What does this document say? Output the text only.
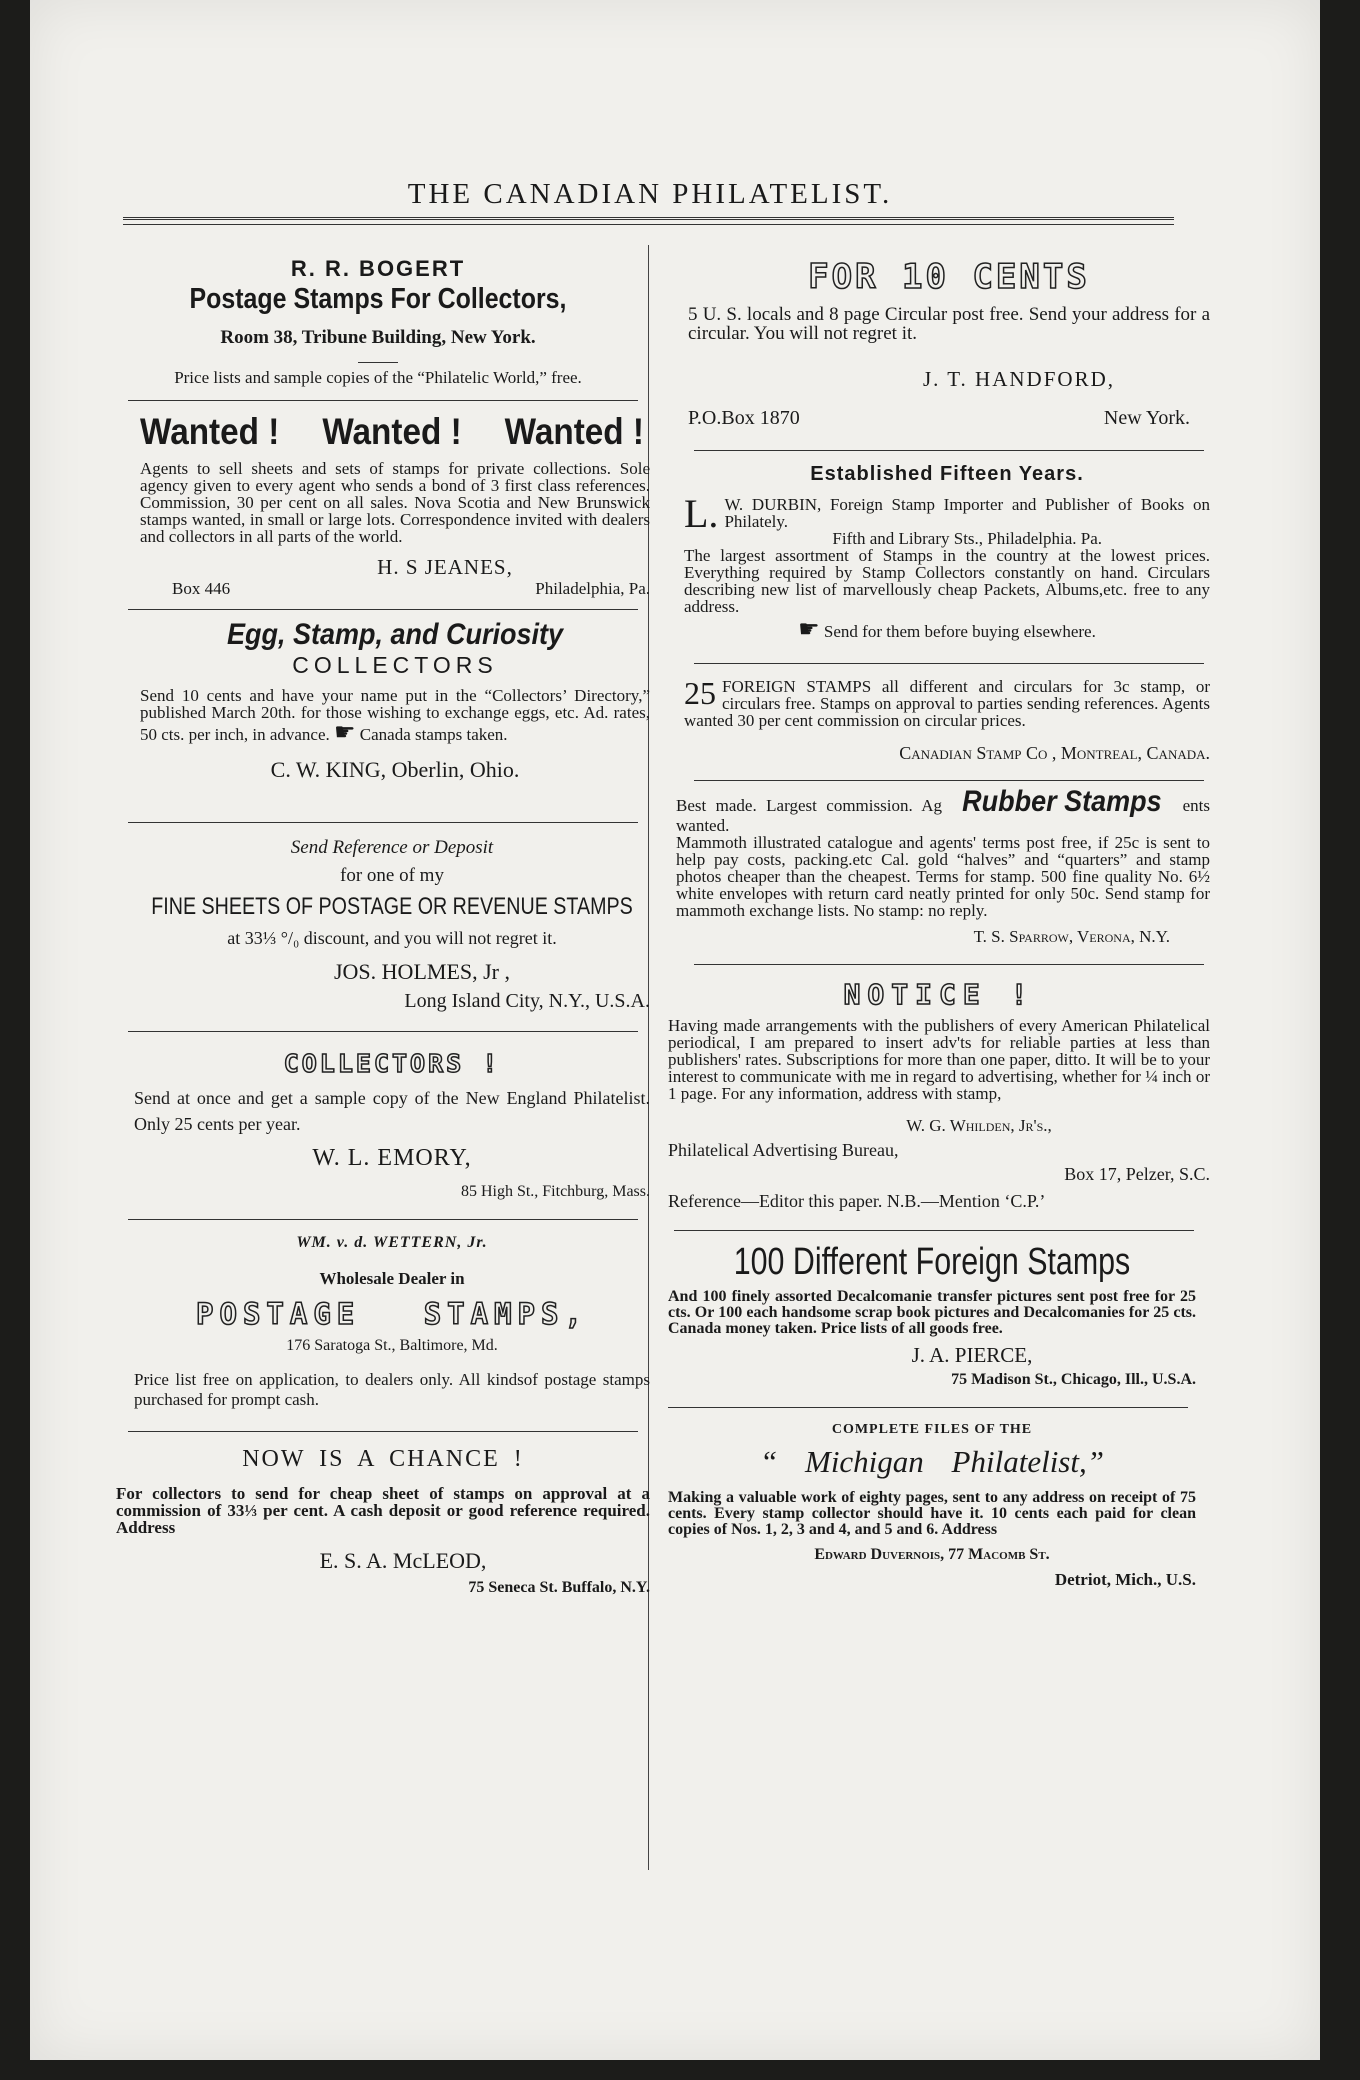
THE CANADIAN PHILATELIST.

R. R. BOGERT

Postage Stamps For Collectors,

Room 38, Tribune Building, New York.

Price lists and sample copies of the “Philatelic World,” free.

Wanted ! Wanted ! Wanted !

Agents to sell sheets and sets of stamps for private collections. Sole agency given to every agent who sends a bond of 3 first class references. Commission, 30 per cent on all sales. Nova Scotia and New Brunswick stamps wanted, in small or large lots. Correspondence invited with dealers and collectors in all parts of the world.

H. S JEANES,

Box 446	Philadelphia, Pa.

Egg, Stamp, and Curiosity

COLLECTORS

Send 10 cents and have your name put in the “Collectors’ Directory,” published March 20th. for those wishing to exchange eggs, etc. Ad. rates, 50 cts. per inch, in advance. ☛ Canada stamps taken.

C. W. KING, Oberlin, Ohio.

Send Reference or Deposit

for one of my

FINE SHEETS OF POSTAGE OR REVENUE STAMPS

at 33⅓ °/₀ discount, and you will not regret it.

JOS. HOLMES, Jr ,

Long Island City, N.Y., U.S.A.

COLLECTORS !

Send at once and get a sample copy of the New England Philatelist. Only 25 cents per year.

W. L. EMORY,

85 High St., Fitchburg, Mass.

WM. v. d. WETTERN, Jr.

Wholesale Dealer in

POSTAGE STAMPS,

176 Saratoga St., Baltimore, Md.

Price list free on application, to dealers only. All kindsof postage stamps purchased for prompt cash.

NOW IS A CHANCE !

For collectors to send for cheap sheet of stamps on approval at a commission of 33⅓ per cent. A cash deposit or good reference required. Address

E. S. A. McLEOD,

75 Seneca St. Buffalo, N.Y.

FOR 10 CENTS

5 U. S. locals and 8 page Circular post free. Send your address for a circular. You will not regret it.

J. T. HANDFORD,

P.O.Box 1870	New York.

Established Fifteen Years.

L. W. DURBIN, Foreign Stamp Importer and Publisher of Books on Philately.

Fifth and Library Sts., Philadelphia. Pa.

The largest assortment of Stamps in the country at the lowest prices. Everything required by Stamp Collectors constantly on hand. Circulars describing new list of marvellously cheap Packets, Albums,etc. free to any address.

☛ Send for them before buying elsewhere.

25 FOREIGN STAMPS all different and circulars for 3c stamp, or circulars free. Stamps on approval to parties sending references. Agents wanted 30 per cent commission on circular prices.

Canadian Stamp Co , Montreal, Canada.

Best made. Largest commission. Ag Rubber Stamps ents wanted.

Mammoth illustrated catalogue and agents' terms post free, if 25c is sent to help pay costs, packing.etc Cal. gold “halves” and “quarters” and stamp photos cheaper than the cheapest. Terms for stamp. 500 fine quality No. 6½ white envelopes with return card neatly printed for only 50c. Send stamp for mammoth exchange lists. No stamp: no reply.

T. S. Sparrow, Verona, N.Y.

NOTICE !

Having made arrangements with the publishers of every American Philatelical periodical, I am prepared to insert adv'ts for reliable parties at less than publishers' rates. Subscriptions for more than one paper, ditto. It will be to your interest to communicate with me in regard to advertising, whether for ¼ inch or 1 page. For any information, address with stamp,

W. G. Whilden, Jr's.,

Philatelical Advertising Bureau,

Box 17, Pelzer, S.C.

Reference—Editor this paper. N.B.—Mention ‘C.P.’

100 Different Foreign Stamps

And 100 finely assorted Decalcomanie transfer pictures sent post free for 25 cts. Or 100 each handsome scrap book pictures and Decalcomanies for 25 cts. Canada money taken. Price lists of all goods free.

J. A. PIERCE,

75 Madison St., Chicago, Ill., U.S.A.

COMPLETE FILES OF THE

“ Michigan Philatelist,”

Making a valuable work of eighty pages, sent to any address on receipt of 75 cents. Every stamp collector should have it. 10 cents each paid for clean copies of Nos. 1, 2, 3 and 4, and 5 and 6. Address

Edward Duvernois, 77 Macomb St.

Detriot, Mich., U.S.
